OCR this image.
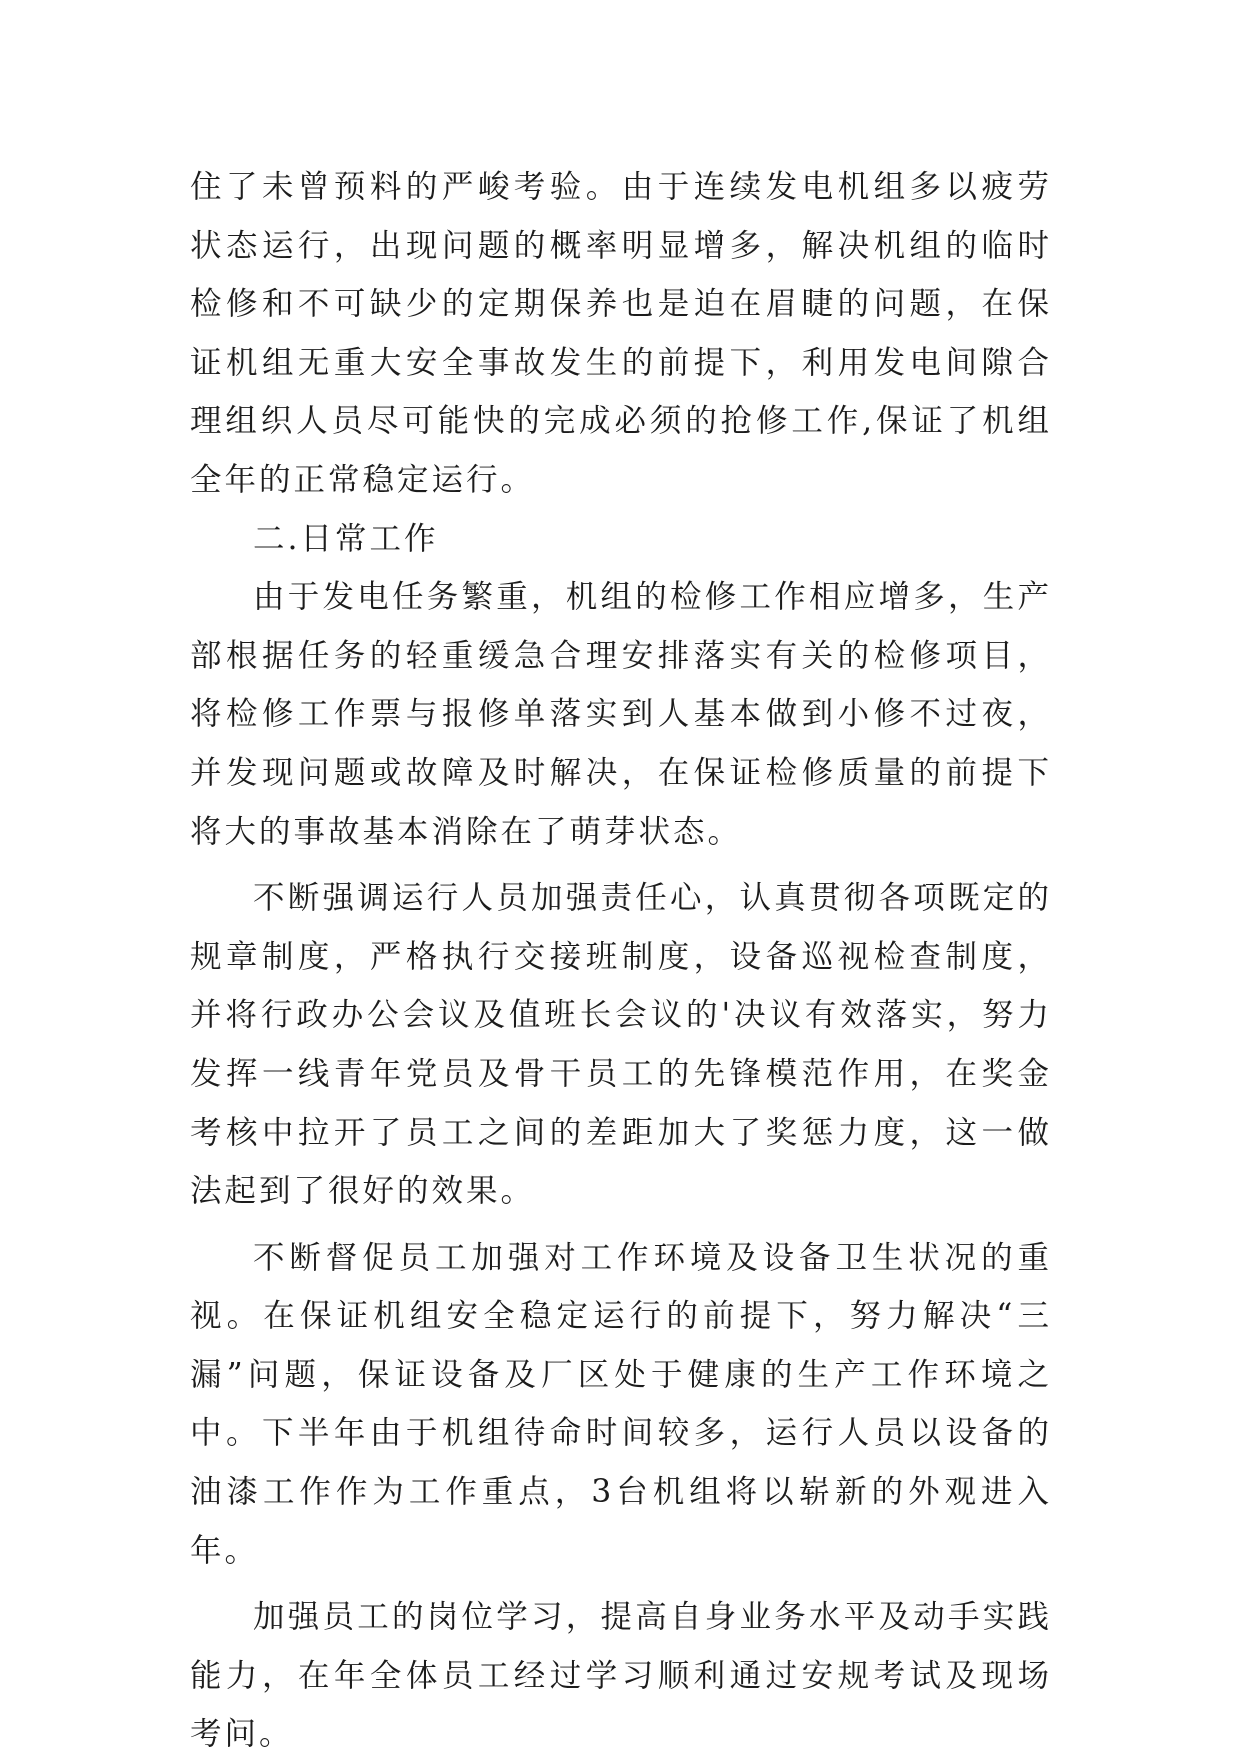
住了未曾预料的严峻考验。由于连续发电机组多以疲劳状态运行，出现问题的概率明显增多，解决机组的临时检修和不可缺少的定期保养也是迫在眉睫的问题，在保证机组无重大安全事故发生的前提下，利用发电间隙合理组织人员尽可能快的完成必须的抢修工作,保证了机组全年的正常稳定运行。

二.日常工作

由于发电任务繁重，机组的检修工作相应增多，生产部根据任务的轻重缓急合理安排落实有关的检修项目，将检修工作票与报修单落实到人基本做到小修不过夜，并发现问题或故障及时解决，在保证检修质量的前提下将大的事故基本消除在了萌芽状态。

不断强调运行人员加强责任心，认真贯彻各项既定的规章制度，严格执行交接班制度，设备巡视检查制度，并将行政办公会议及值班长会议的'决议有效落实，努力发挥一线青年党员及骨干员工的先锋模范作用，在奖金考核中拉开了员工之间的差距加大了奖惩力度，这一做法起到了很好的效果。

不断督促员工加强对工作环境及设备卫生状况的重视。在保证机组安全稳定运行的前提下，努力解决“三漏”问题，保证设备及厂区处于健康的生产工作环境之中。下半年由于机组待命时间较多，运行人员以设备的油漆工作作为工作重点，3台机组将以崭新的外观进入年。

加强员工的岗位学习，提高自身业务水平及动手实践能力，在年全体员工经过学习顺利通过安规考试及现场考问。
